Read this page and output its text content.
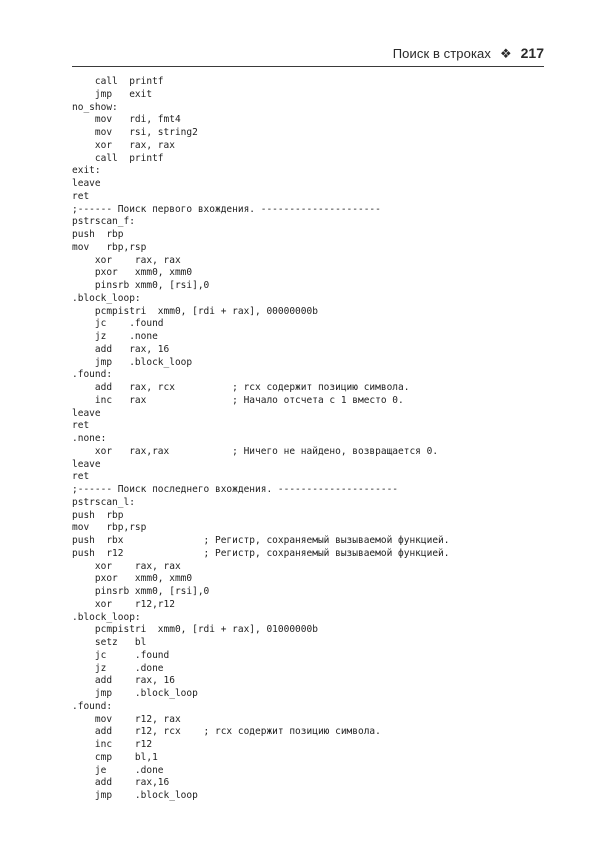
Поиск в строках ❖ 217
call  printf
jmp   exit
no_show:
mov   rdi, fmt4
mov   rsi, string2
xor   rax, rax
call  printf
exit:
leave
ret
;------ Поиск первого вхождения. ---------------------
pstrscan_f:
push  rbp
mov   rbp,rsp
xor    rax, rax
pxor   xmm0, xmm0
pinsrb xmm0, [rsi],0
.block_loop:
pcmpistri  xmm0, [rdi + rax], 00000000b
jc    .found
jz    .none
add   rax, 16
jmp   .block_loop
.found:
add   rax, rcx          ; rcx содержит позицию символа.
inc   rax               ; Начало отсчета с 1 вместо 0.
leave
ret
.none:
xor   rax,rax           ; Ничего не найдено, возвращается 0.
leave
ret
;------ Поиск последнего вхождения. ---------------------
pstrscan_l:
push  rbp
mov   rbp,rsp
push  rbx              ; Регистр, сохраняемый вызываемой функцией.
push  r12              ; Регистр, сохраняемый вызываемой функцией.
xor    rax, rax
pxor   xmm0, xmm0
pinsrb xmm0, [rsi],0
xor    r12,r12
.block_loop:
pcmpistri  xmm0, [rdi + rax], 01000000b
setz   bl
jc     .found
jz     .done
add    rax, 16
jmp    .block_loop
.found:
mov    r12, rax
add    r12, rcx    ; rcx содержит позицию символа.
inc    r12
cmp    bl,1
je     .done
add    rax,16
jmp    .block_loop
